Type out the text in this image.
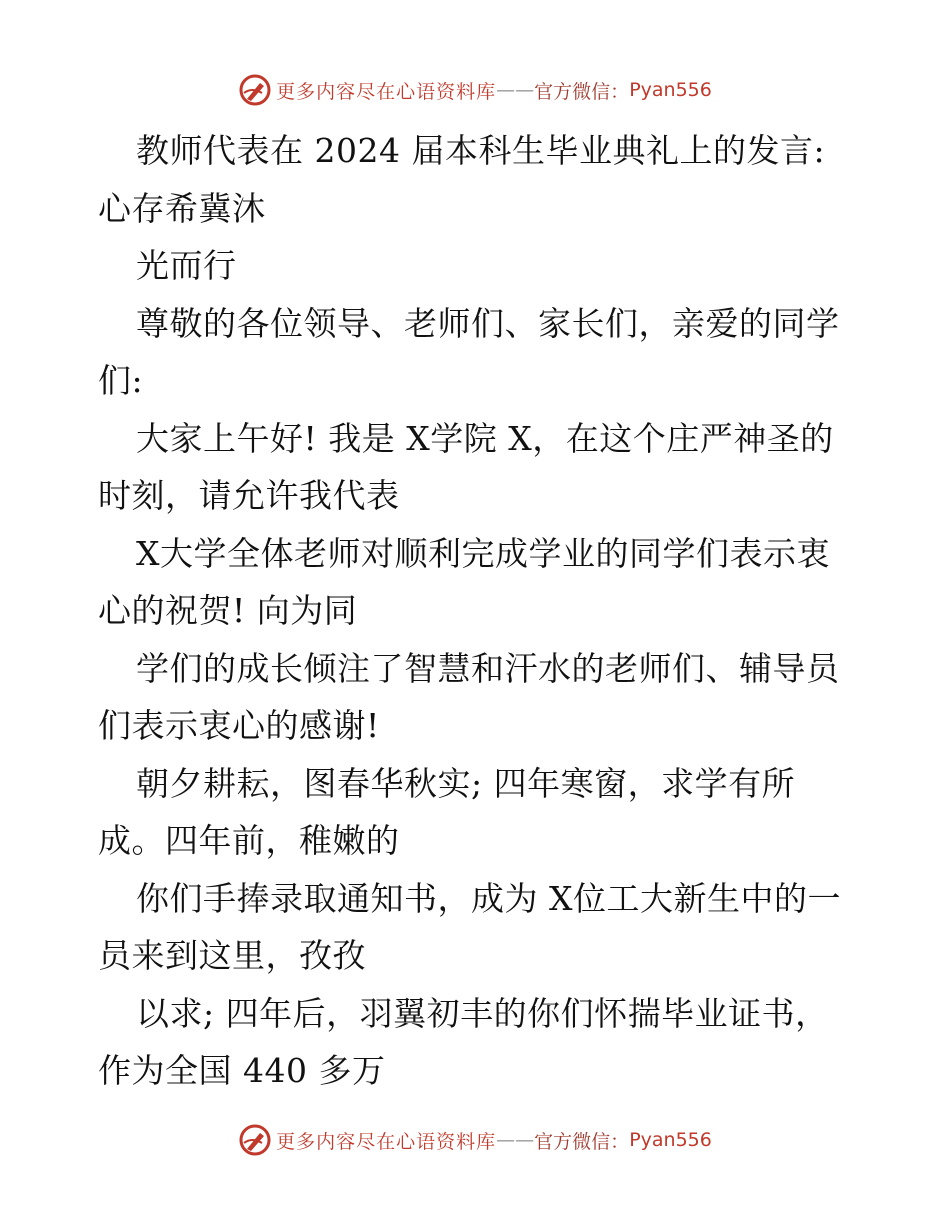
更多内容尽在心语资料库 —— 官方微信： Pyan556

教师代表在 2024 届本科生毕业典礼上的发言:心存希冀沐

光而行

尊敬的各位领导、老师们、家长们，亲爱的同学们:

大家上午好! 我是 X学院 X，在这个庄严神圣的时刻，请允许我代表

X大学全体老师对顺利完成学业的同学们表示衷心的祝贺! 向为同

学们的成长倾注了智慧和汗水的老师们、辅导员们表示衷心的感谢!

朝夕耕耘，图春华秋实; 四年寒窗，求学有所成。四年前，稚嫩的

你们手捧录取通知书，成为 X位工大新生中的一员来到这里，孜孜

以求; 四年后，羽翼初丰的你们怀揣毕业证书，作为全国 440 多万

更多内容尽在心语资料库 —— 官方微信： Pyan556
